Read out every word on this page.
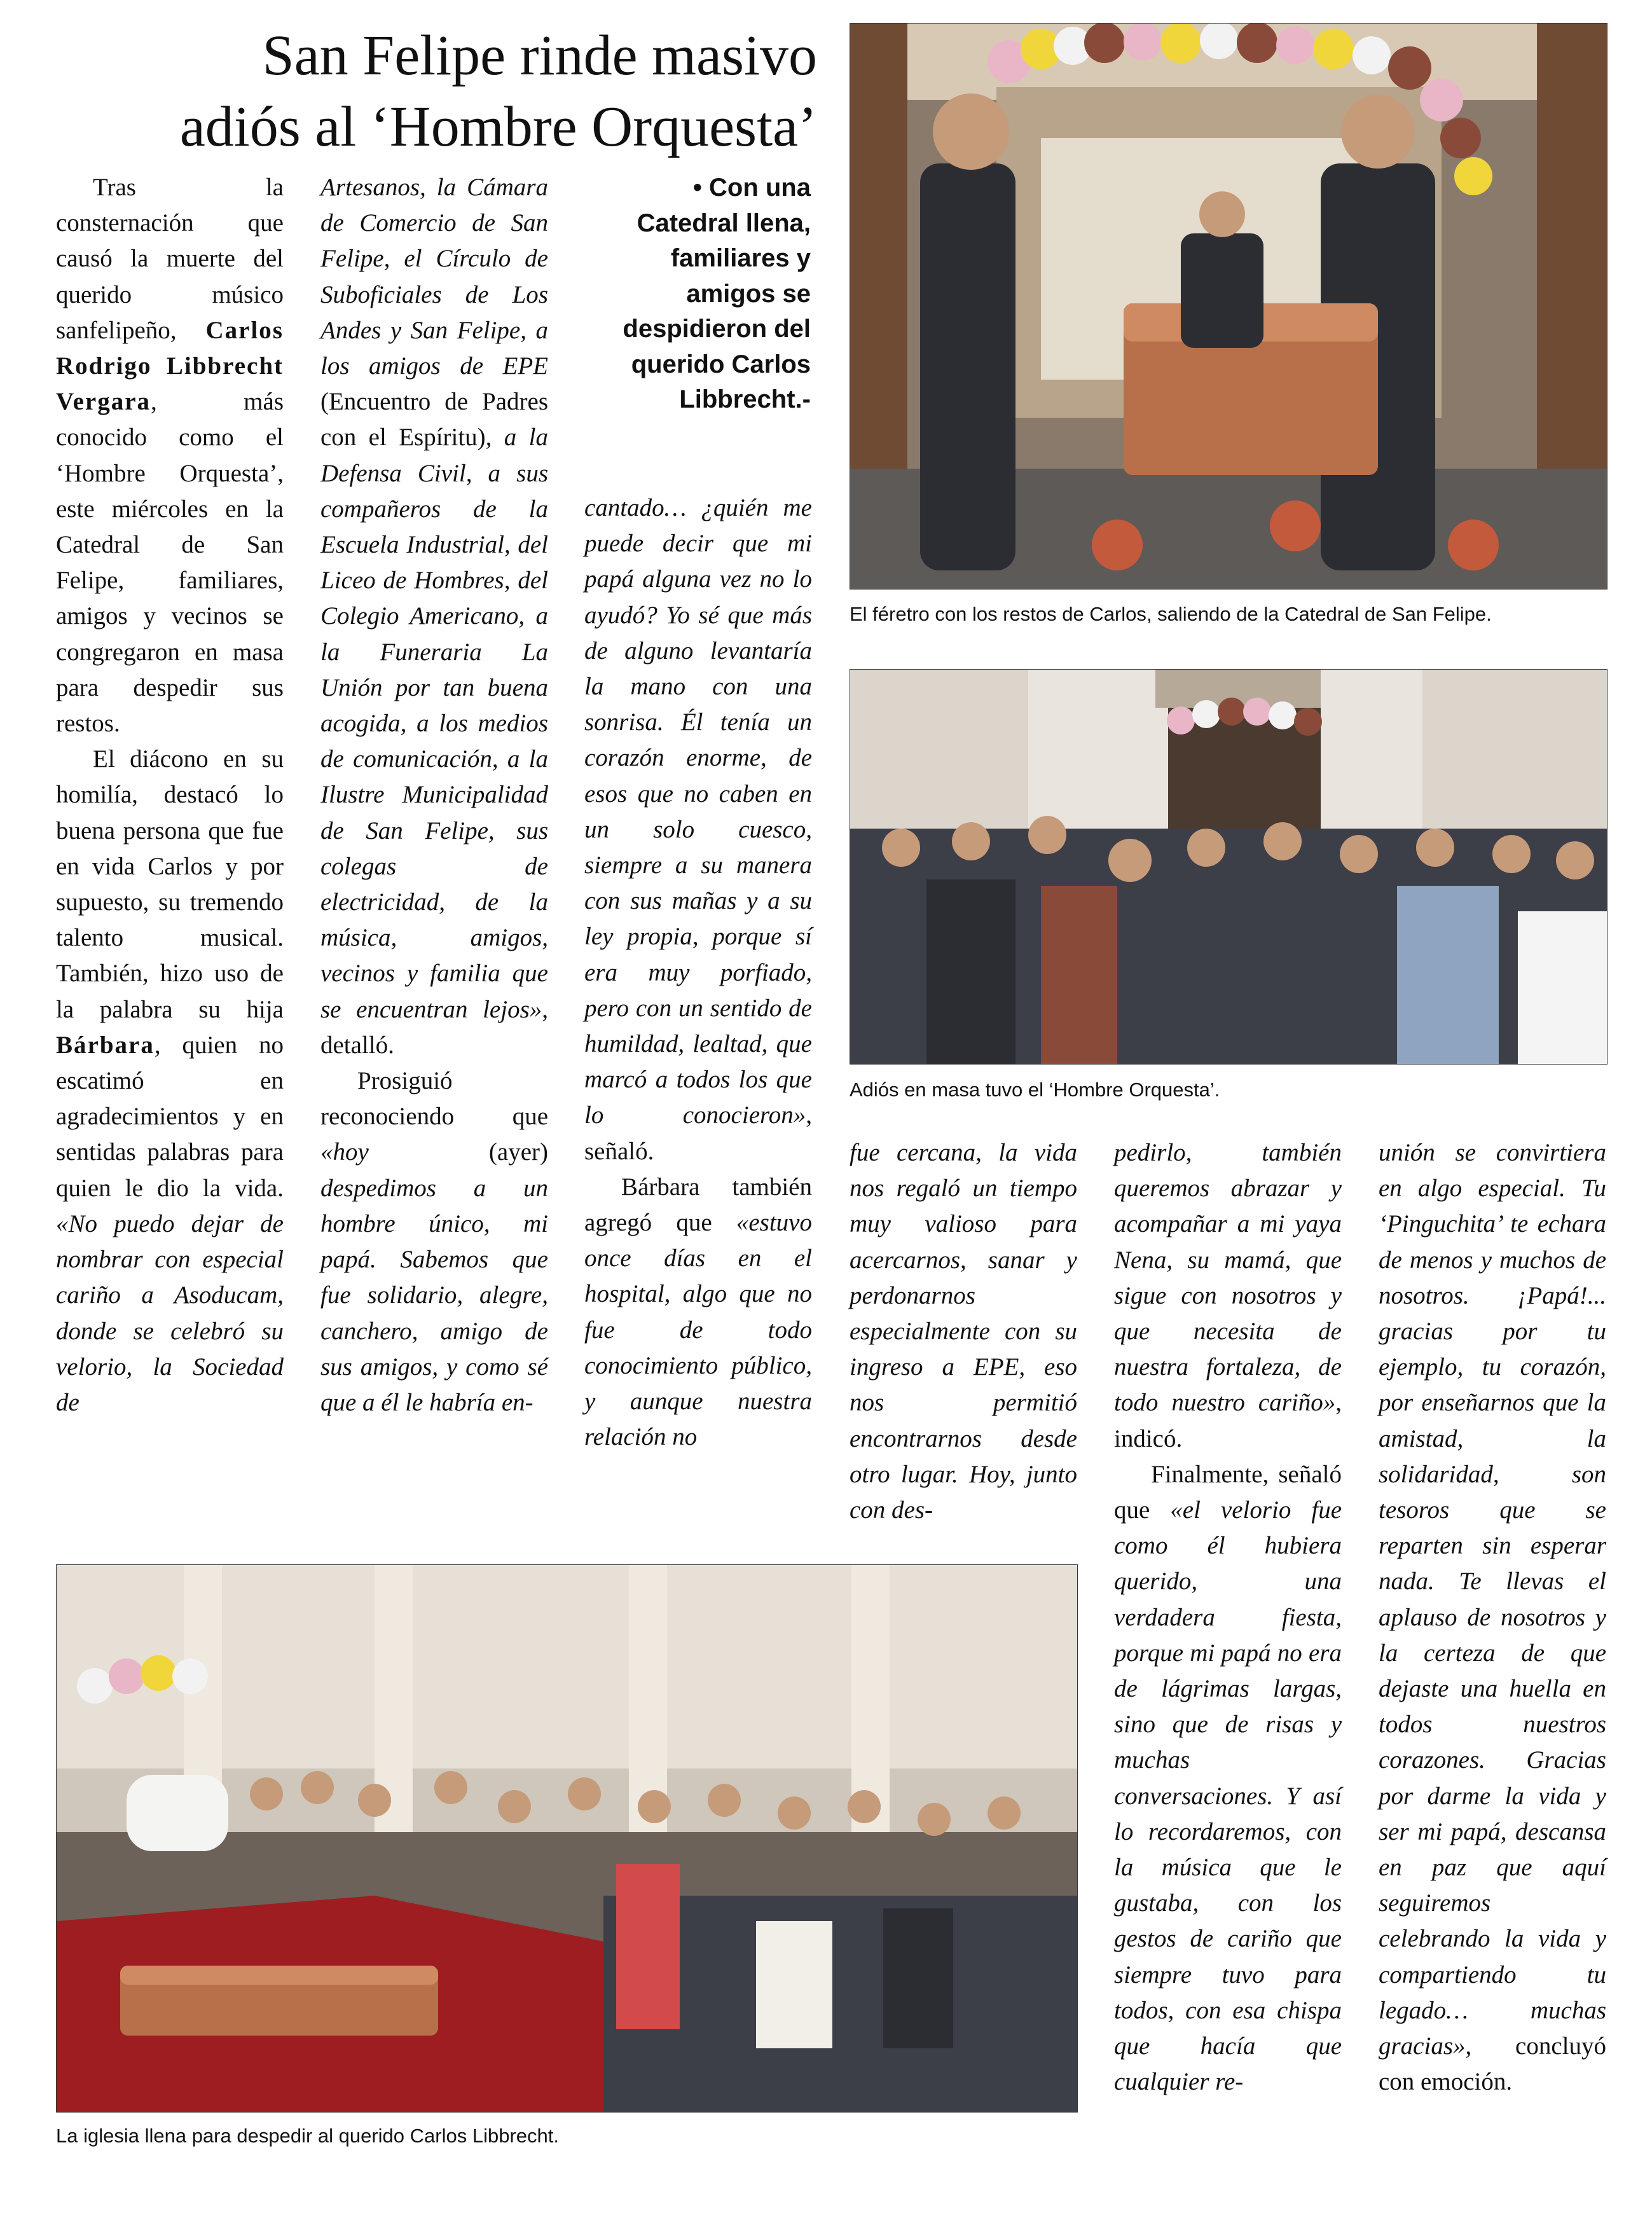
San Felipe rinde masivo
adiós al ‘Hombre Orquesta’
• Con una Catedral llena, familiares y amigos se despidieron del querido Carlos Libbrecht.-

Tras la consternación que causó la muerte del querido músico sanfelipeño, Carlos Rodrigo Libbrecht Vergara, más conocido como el ‘Hombre Orquesta’, este miércoles en la Catedral de San Felipe, familiares, amigos y vecinos se congregaron en masa para despedir sus restos.

El diácono en su homilía, destacó lo buena persona que fue en vida Carlos y por supuesto, su tremendo talento musical. También, hizo uso de la palabra su hija Bárbara, quien no escatimó en agradecimientos y en sentidas palabras para quien le dio la vida. «No puedo dejar de nombrar con especial cariño a Asoducam, donde se celebró su velorio, la Sociedad de

Artesanos, la Cámara de Comercio de San Felipe, el Círculo de Suboficiales de Los Andes y San Felipe, a los amigos de EPE (Encuentro de Padres con el Espíritu), a la Defensa Civil, a sus compañeros de la Escuela Industrial, del Liceo de Hombres, del Colegio Americano, a la Funeraria La Unión por tan buena acogida, a los medios de comunicación, a la Ilustre Municipalidad de San Felipe, sus colegas de electricidad, de la música, amigos, vecinos y familia que se encuentran lejos», detalló.

Prosiguió reconociendo que «hoy (ayer) despedimos a un hombre único, mi papá. Sabemos que fue solidario, alegre, canchero, amigo de sus amigos, y como sé que a él le habría en-

cantado… ¿quién me puede decir que mi papá alguna vez no lo ayudó? Yo sé que más de alguno levantaría la mano con una sonrisa. Él tenía un corazón enorme, de esos que no caben en un solo cuesco, siempre a su manera con sus mañas y a su ley propia, porque sí era muy porfiado, pero con un sentido de humildad, lealtad, que marcó a todos los que lo conocieron», señaló.

Bárbara también agregó que «estuvo once días en el hospital, algo que no fue de todo conocimiento público, y aunque nuestra relación no

fue cercana, la vida nos regaló un tiempo muy valioso para acercarnos, sanar y perdonarnos especialmente con su ingreso a EPE, eso nos permitió encontrarnos desde otro lugar. Hoy, junto con des-

pedirlo, también queremos abrazar y acompañar a mi yaya Nena, su mamá, que sigue con nosotros y que necesita de nuestra fortaleza, de todo nuestro cariño», indicó.

Finalmente, señaló que «el velorio fue como él hubiera querido, una verdadera fiesta, porque mi papá no era de lágrimas largas, sino que de risas y muchas conversaciones. Y así lo recordaremos, con la música que le gustaba, con los gestos de cariño que siempre tuvo para todos, con esa chispa que hacía que cualquier re-

unión se convirtiera en algo especial. Tu ‘Pinguchita’ te echara de menos y muchos de nosotros. ¡Papá!... gracias por tu ejemplo, tu corazón, por enseñarnos que la amistad, la solidaridad, son tesoros que se reparten sin esperar nada. Te llevas el aplauso de nosotros y la certeza de que dejaste una huella en todos nuestros corazones. Gracias por darme la vida y ser mi papá, descansa en paz que aquí seguiremos celebrando la vida y compartiendo tu legado… muchas gracias», concluyó con emoción.

El féretro con los restos de Carlos, saliendo de la Catedral de San Felipe.
Adiós en masa tuvo el ‘Hombre Orquesta’.
La iglesia llena para despedir al querido Carlos Libbrecht.
